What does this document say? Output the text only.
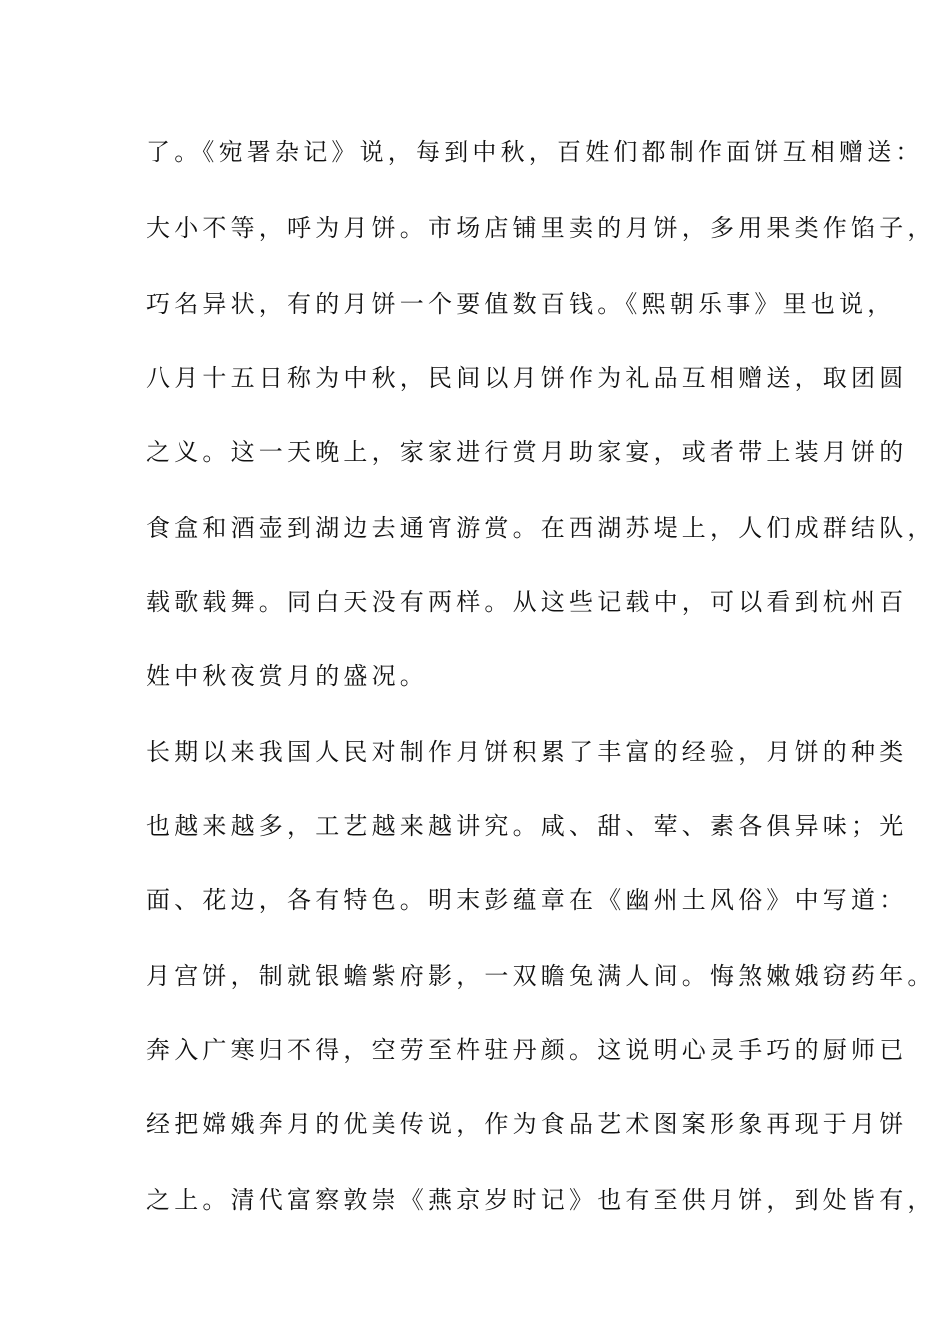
了。《宛署杂记》说，每到中秋，百姓们都制作面饼互相赠送：
大小不等，呼为月饼。市场店铺里卖的月饼，多用果类作馅子，
巧名异状，有的月饼一个要值数百钱。《熙朝乐事》里也说，
八月十五日称为中秋，民间以月饼作为礼品互相赠送，取团圆
之义。这一天晚上，家家进行赏月助家宴，或者带上装月饼的
食盒和酒壶到湖边去通宵游赏。在西湖苏堤上，人们成群结队，
载歌载舞。同白天没有两样。从这些记载中，可以看到杭州百
姓中秋夜赏月的盛况。
长期以来我国人民对制作月饼积累了丰富的经验，月饼的种类
也越来越多，工艺越来越讲究。咸、甜、荤、素各俱异味；光
面、花边，各有特色。明末彭蕴章在《幽州土风俗》中写道：
月宫饼，制就银蟾紫府影，一双瞻兔满人间。悔煞嫩娥窃药年。
奔入广寒归不得，空劳至杵驻丹颜。这说明心灵手巧的厨师已
经把嫦娥奔月的优美传说，作为食品艺术图案形象再现于月饼
之上。清代富察敦崇《燕京岁时记》也有至供月饼，到处皆有，
